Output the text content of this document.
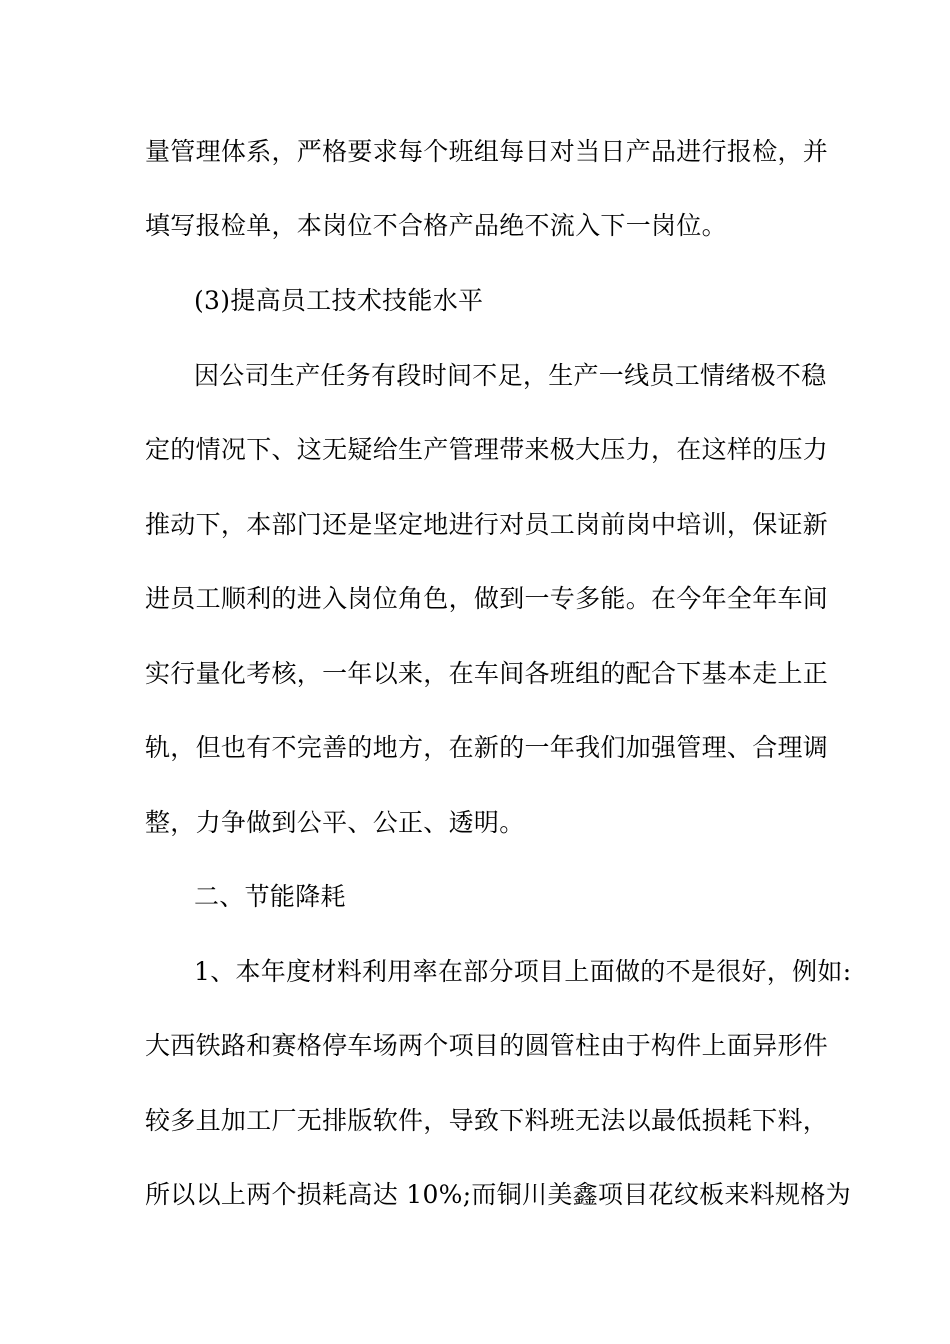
量管理体系，严格要求每个班组每日对当日产品进行报检，并
填写报检单，本岗位不合格产品绝不流入下一岗位。
(3)提高员工技术技能水平
因公司生产任务有段时间不足，生产一线员工情绪极不稳
定的情况下、这无疑给生产管理带来极大压力，在这样的压力
推动下，本部门还是坚定地进行对员工岗前岗中培训，保证新
进员工顺利的进入岗位角色，做到一专多能。在今年全年车间
实行量化考核，一年以来，在车间各班组的配合下基本走上正
轨，但也有不完善的地方，在新的一年我们加强管理、合理调
整，力争做到公平、公正、透明。
二、节能降耗
1、本年度材料利用率在部分项目上面做的不是很好，例如:
大西铁路和赛格停车场两个项目的圆管柱由于构件上面异形件
较多且加工厂无排版软件，导致下料班无法以最低损耗下料，
所以以上两个损耗高达 10%;而铜川美鑫项目花纹板来料规格为
